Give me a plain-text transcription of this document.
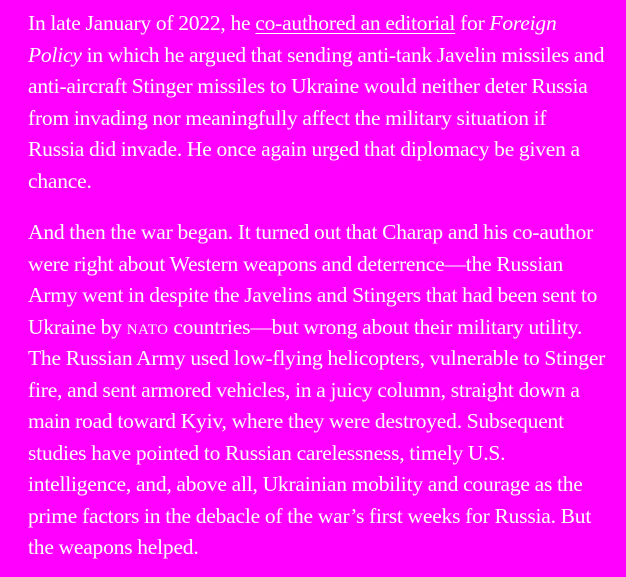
In late January of 2022, he co-authored an editorial for Foreign Policy in which he argued that sending anti-tank Javelin missiles and anti-aircraft Stinger missiles to Ukraine would neither deter Russia from invading nor meaningfully affect the military situation if Russia did invade. He once again urged that diplomacy be given a chance.

And then the war began. It turned out that Charap and his co-author were right about Western weapons and deterrence—the Russian Army went in despite the Javelins and Stingers that had been sent to Ukraine by nato countries—but wrong about their military utility. The Russian Army used low-flying helicopters, vulnerable to Stinger fire, and sent armored vehicles, in a juicy column, straight down a main road toward Kyiv, where they were destroyed. Subsequent studies have pointed to Russian carelessness, timely U.S. intelligence, and, above all, Ukrainian mobility and courage as the prime factors in the debacle of the war’s first weeks for Russia. But the weapons helped.
